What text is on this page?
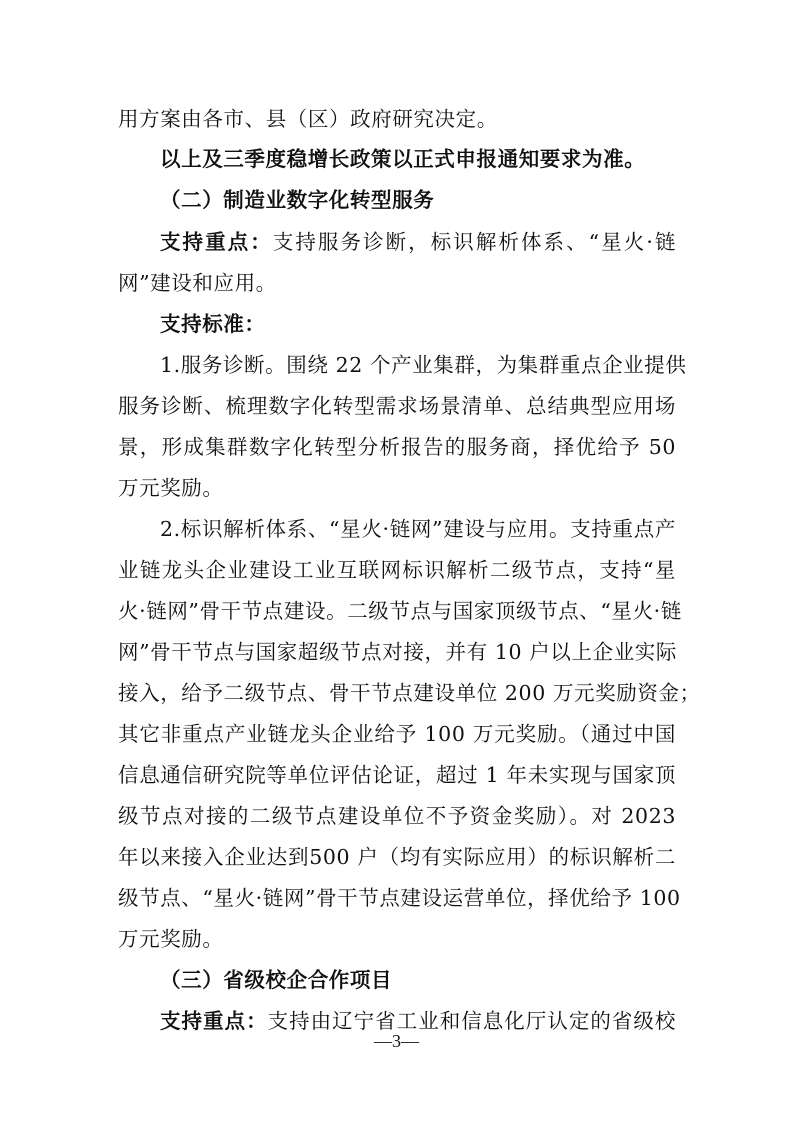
用方案由各市、县（区）政府研究决定。
以上及三季度稳增长政策以正式申报通知要求为准。
（二）制造业数字化转型服务
支持重点：支持服务诊断，标识解析体系、“星火·链
网”建设和应用。
支持标准：
1.服务诊断。围绕 22 个产业集群，为集群重点企业提供
服务诊断、梳理数字化转型需求场景清单、总结典型应用场
景，形成集群数字化转型分析报告的服务商，择优给予 50
万元奖励。
2.标识解析体系、“星火·链网”建设与应用。支持重点产
业链龙头企业建设工业互联网标识解析二级节点，支持“星
火·链网”骨干节点建设。二级节点与国家顶级节点、“星火·链
网”骨干节点与国家超级节点对接，并有 10 户以上企业实际
接入，给予二级节点、骨干节点建设单位 200 万元奖励资金；
其它非重点产业链龙头企业给予 100 万元奖励。（通过中国
信息通信研究院等单位评估论证，超过 1 年未实现与国家顶
级节点对接的二级节点建设单位不予资金奖励）。对 2023
年以来接入企业达到500 户（均有实际应用）的标识解析二
级节点、“星火·链网”骨干节点建设运营单位，择优给予 100
万元奖励。
（三）省级校企合作项目
支持重点：支持由辽宁省工业和信息化厅认定的省级校
—3—
